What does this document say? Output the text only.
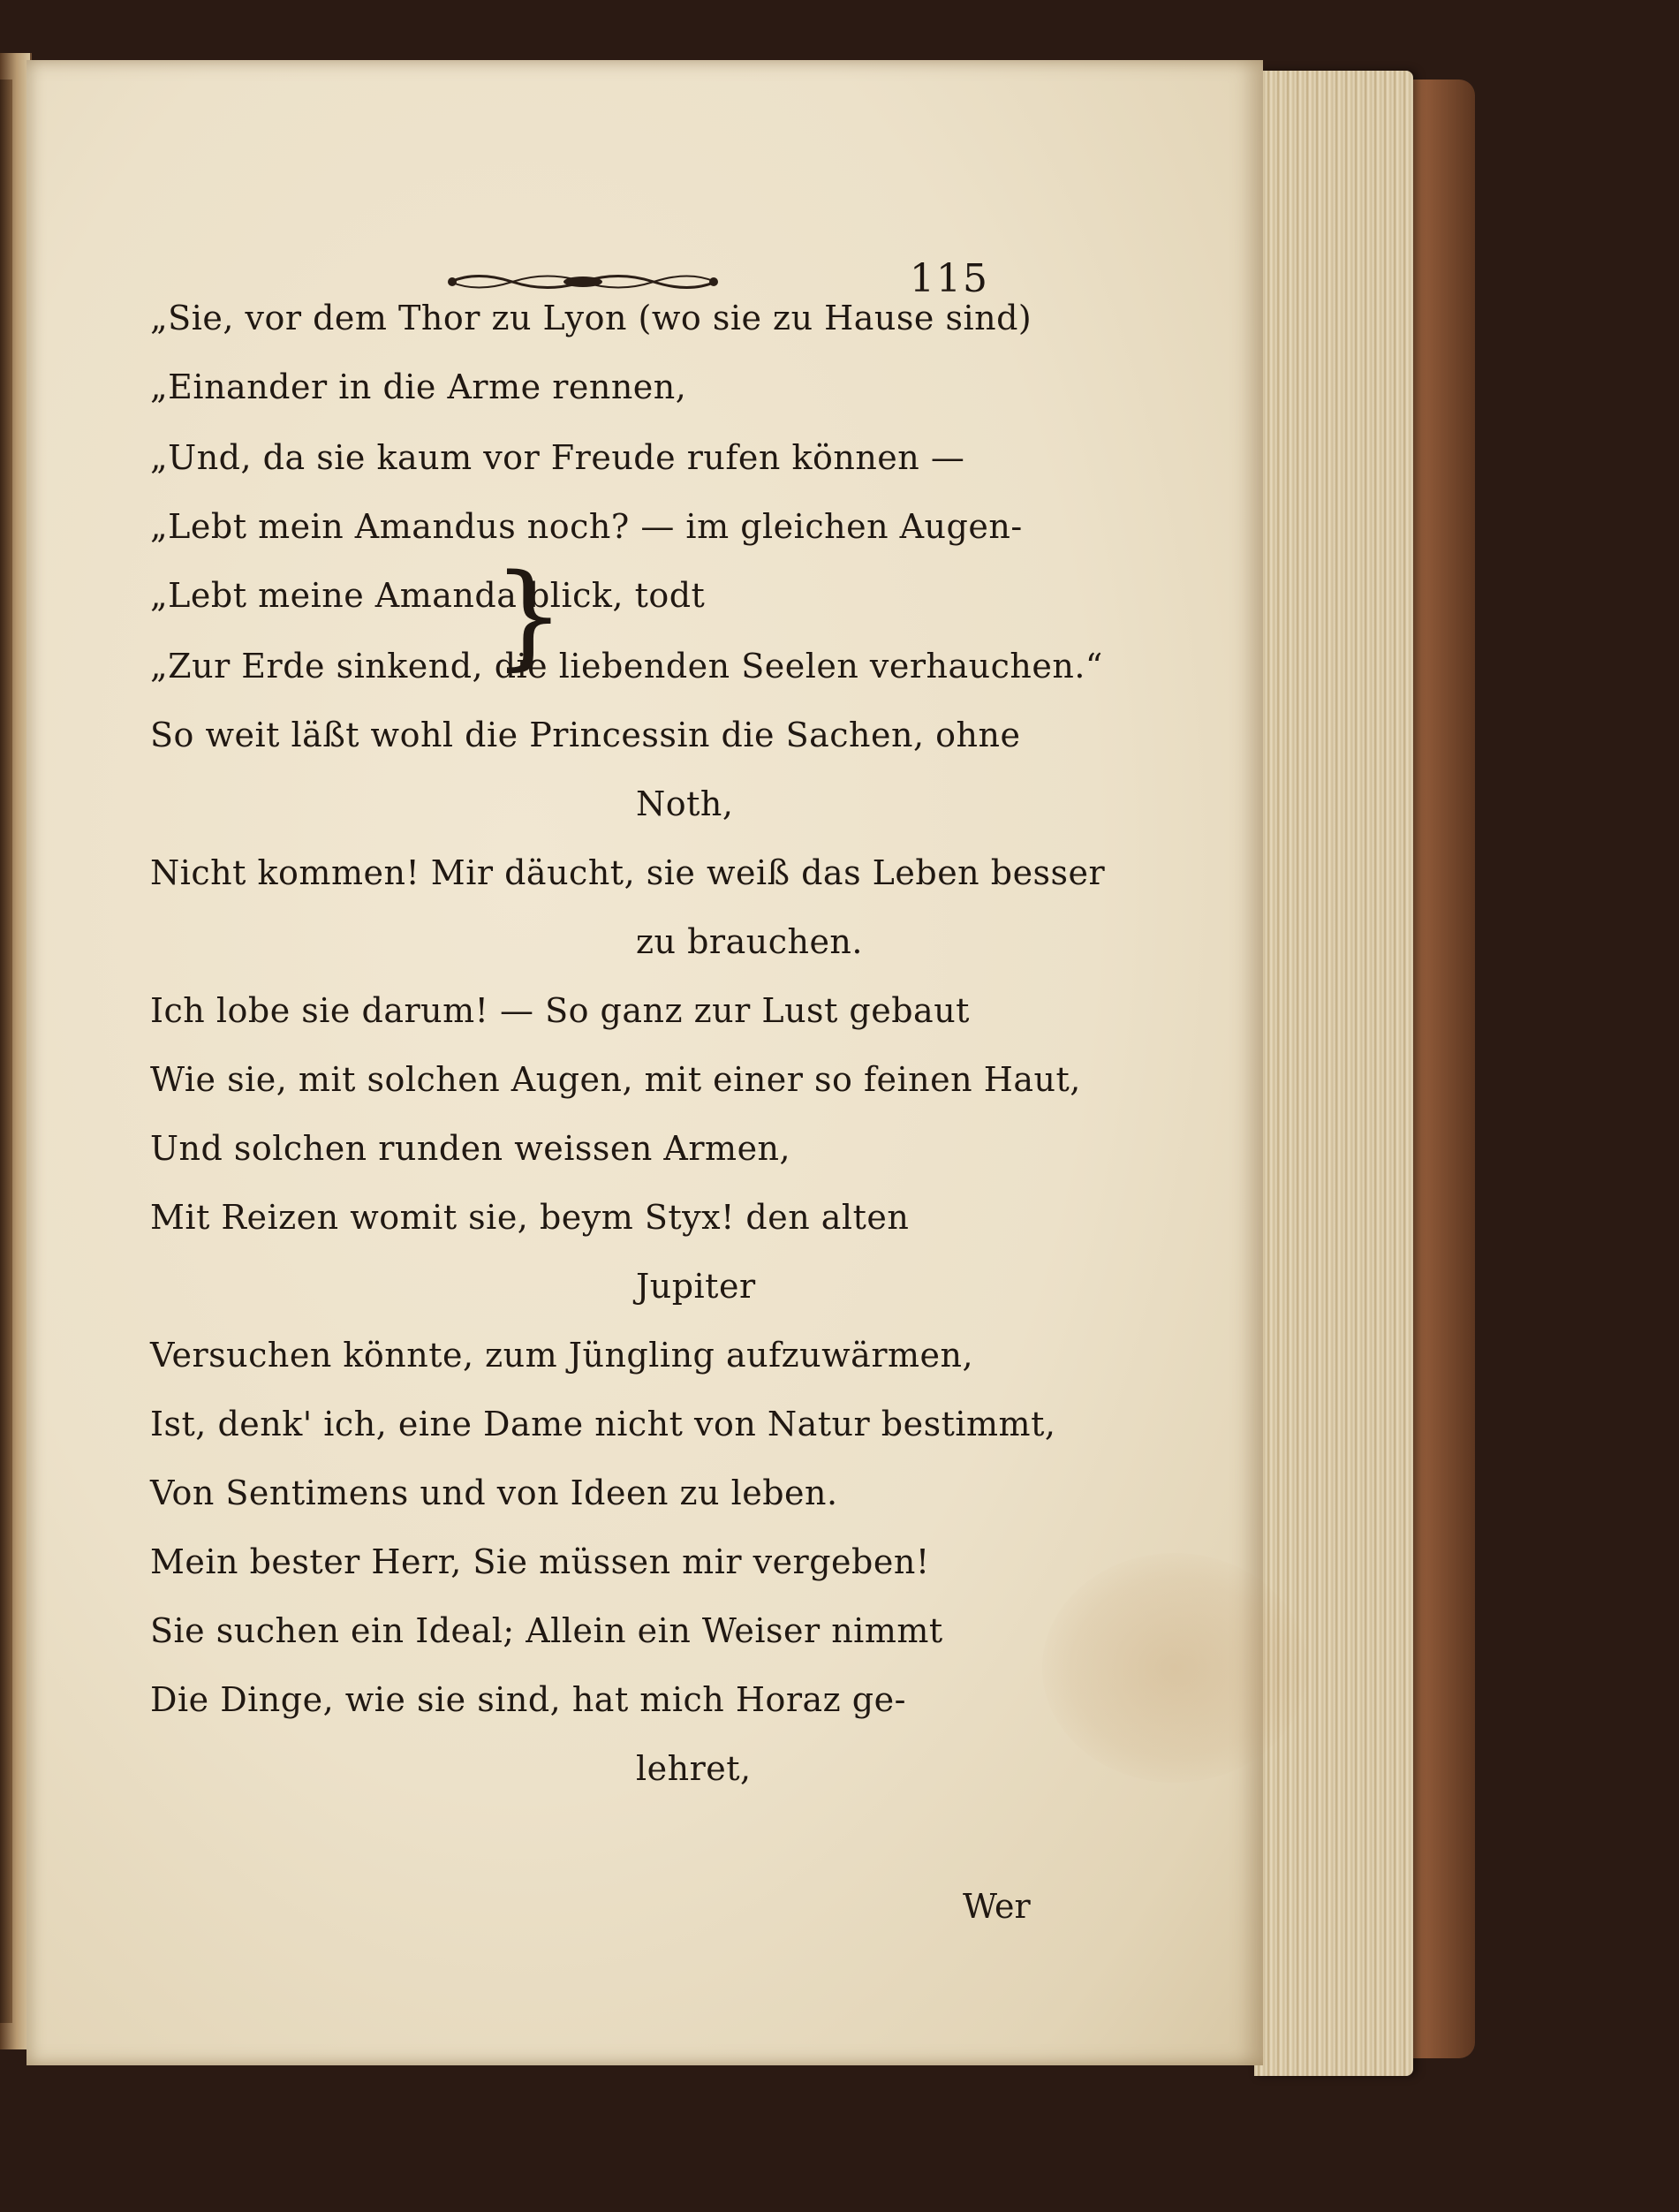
115
„Sie, vor dem Thor zu Lyon (wo sie zu Hause sind)
„Einander in die Arme rennen,
„Und, da sie kaum vor Freude rufen können —
„Lebt mein Amandus noch? — im gleichen Augen-
„Lebt meine Amanda blick, todt
}
„Zur Erde sinkend, die liebenden Seelen verhauchen.“
So weit läßt wohl die Princessin die Sachen, ohne
Noth,
Nicht kommen! Mir däucht, sie weiß das Leben besser
zu brauchen.
Ich lobe sie darum! — So ganz zur Lust gebaut
Wie sie, mit solchen Augen, mit einer so feinen Haut,
Und solchen runden weissen Armen,
Mit Reizen womit sie, beym Styx! den alten
Jupiter
Versuchen könnte, zum Jüngling aufzuwärmen,
Ist, denk' ich, eine Dame nicht von Natur bestimmt,
Von Sentimens und von Ideen zu leben.
Mein bester Herr, Sie müssen mir vergeben!
Sie suchen ein Ideal; Allein ein Weiser nimmt
Die Dinge, wie sie sind, hat mich Horaz ge-
lehret,
Wer
